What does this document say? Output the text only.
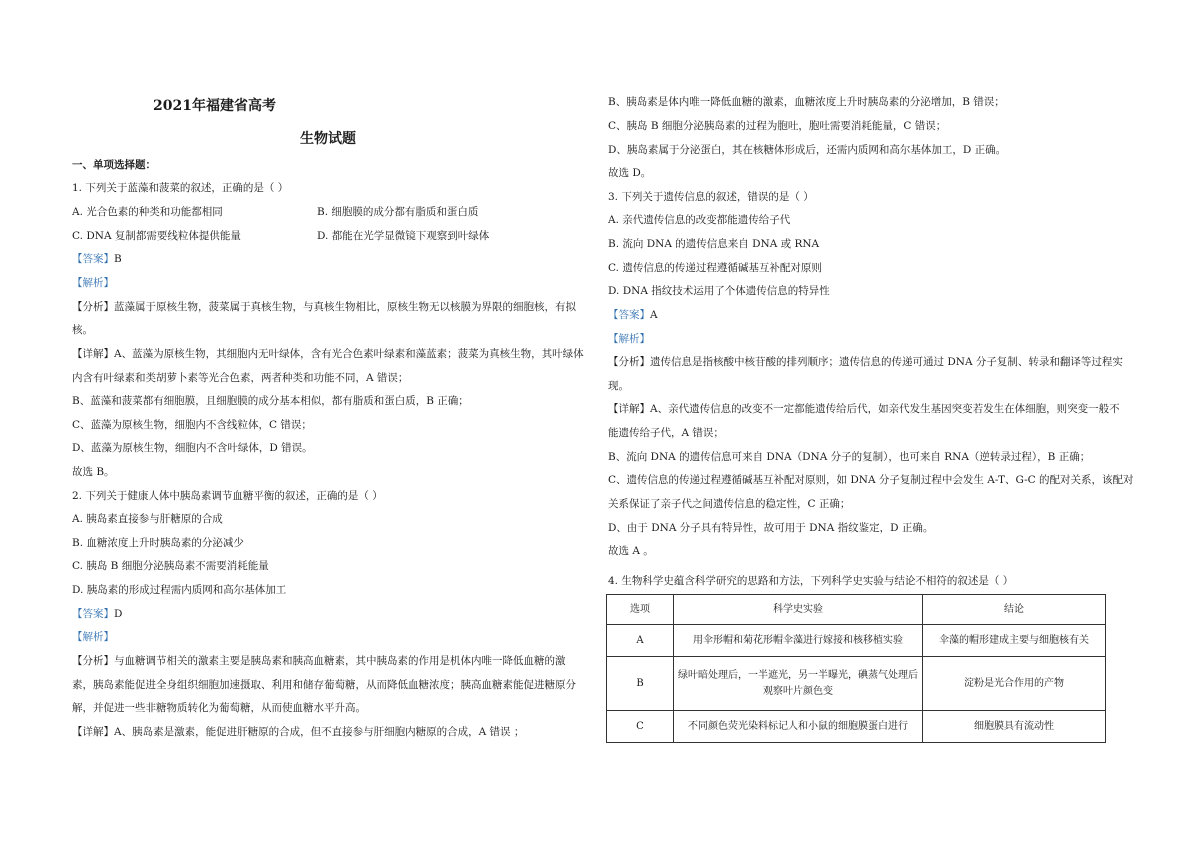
2021年福建省高考
生物试题
一、单项选择题：
1. 下列关于蓝藻和菠菜的叙述，正确的是（ ）
A. 光合色素的种类和功能都相同	B. 细胞膜的成分都有脂质和蛋白质
C. DNA 复制都需要线粒体提供能量	D. 都能在光学显微镜下观察到叶绿体
【答案】B
【解析】
【分析】蓝藻属于原核生物，菠菜属于真核生物，与真核生物相比，原核生物无以核膜为界限的细胞核，有拟
核。
【详解】A、蓝藻为原核生物，其细胞内无叶绿体，含有光合色素叶绿素和藻蓝素；菠菜为真核生物，其叶绿体
内含有叶绿素和类胡萝卜素等光合色素，两者种类和功能不同，A 错误；
B、蓝藻和菠菜都有细胞膜，且细胞膜的成分基本相似，都有脂质和蛋白质，B 正确；
C、蓝藻为原核生物，细胞内不含线粒体，C 错误；
D、蓝藻为原核生物，细胞内不含叶绿体，D 错误。
故选 B。
2. 下列关于健康人体中胰岛素调节血糖平衡的叙述，正确的是（ ）
A. 胰岛素直接参与肝糖原的合成
B. 血糖浓度上升时胰岛素的分泌减少
C. 胰岛 B 细胞分泌胰岛素不需要消耗能量
D. 胰岛素的形成过程需内质网和高尔基体加工
【答案】D
【解析】
【分析】与血糖调节相关的激素主要是胰岛素和胰高血糖素，其中胰岛素的作用是机体内唯一降低血糖的激
素，胰岛素能促进全身组织细胞加速摄取、利用和储存葡萄糖，从而降低血糖浓度；胰高血糖素能促进糖原分
解，并促进一些非糖物质转化为葡萄糖，从而使血糖水平升高。
【详解】A、胰岛素是激素，能促进肝糖原的合成，但不直接参与肝细胞内糖原的合成，A 错误 ；
B、胰岛素是体内唯一降低血糖的激素，血糖浓度上升时胰岛素的分泌增加，B 错误；
C、胰岛 B 细胞分泌胰岛素的过程为胞吐，胞吐需要消耗能量，C 错误；
D、胰岛素属于分泌蛋白，其在核糖体形成后，还需内质网和高尔基体加工，D 正确。
故选 D。
3. 下列关于遗传信息的叙述，错误的是（ ）
A. 亲代遗传信息的改变都能遗传给子代
B. 流向 DNA 的遗传信息来自 DNA 或 RNA
C. 遗传信息的传递过程遵循碱基互补配对原则
D. DNA 指纹技术运用了个体遗传信息的特异性
【答案】A
【解析】
【分析】遗传信息是指核酸中核苷酸的排列顺序；遗传信息的传递可通过 DNA 分子复制、转录和翻译等过程实
现。
【详解】A、亲代遗传信息的改变不一定都能遗传给后代，如亲代发生基因突变若发生在体细胞，则突变一般不
能遗传给子代，A 错误；
B、流向 DNA 的遗传信息可来自 DNA（DNA 分子的复制），也可来自 RNA（逆转录过程），B 正确；
C、遗传信息的传递过程遵循碱基互补配对原则，如 DNA 分子复制过程中会发生 A-T、G-C 的配对关系，该配对
关系保证了亲子代之间遗传信息的稳定性，C 正确；
D、由于 DNA 分子具有特异性，故可用于 DNA 指纹鉴定，D 正确。
故选 A 。
4. 生物科学史蕴含科学研究的思路和方法，下列科学史实验与结论不相符的叙述是（ ）
选项	科学史实验	结论
A	用伞形帽和菊花形帽伞藻进行嫁接和核移植实验	伞藻的帽形建成主要与细胞核有关
B	绿叶暗处理后，一半遮光，另一半曝光，碘蒸气处理后观察叶片颜色变	淀粉是光合作用的产物
C	不同颜色荧光染料标记人和小鼠的细胞膜蛋白进行	细胞膜具有流动性
